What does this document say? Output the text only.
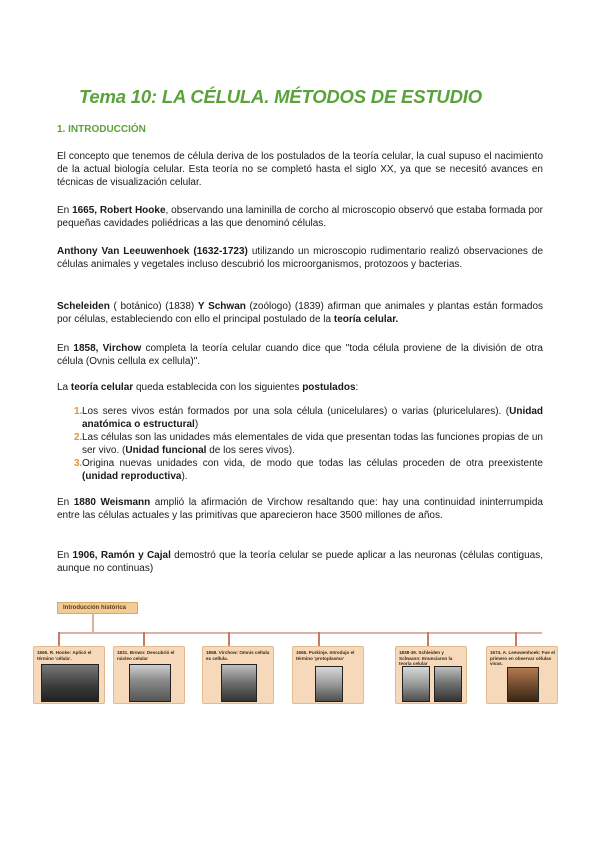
Tema 10: LA CÉLULA. MÉTODOS DE ESTUDIO
1. INTRODUCCIÓN

El concepto que tenemos de célula deriva de los postulados de la teoría celular, la cual supuso el nacimiento de la actual biología celular. Esta teoría no se completó hasta el siglo XX, ya que se necesitó avances en técnicas de visualización celular.

En 1665, Robert Hooke, observando una laminilla de corcho al microscopio observó que estaba formada por pequeñas cavidades poliédricas a las que denominó células.

Anthony Van Leeuwenhoek (1632-1723) utilizando un microscopio rudimentario realizó observaciones de células animales y vegetales incluso descubrió los microorganismos, protozoos y bacterias.

Scheleiden ( botánico) (1838) Y Schwan (zoólogo) (1839) afirman que animales y plantas están formados por células, estableciendo con ello el principal postulado de la teoría celular.

En 1858, Virchow completa la teoría celular cuando dice que "toda célula proviene de la división de otra célula (Ovnis cellula ex cellula)".

La teoría celular queda establecida con los siguientes postulados:

1. Los seres vivos están formados por una sola célula (unicelulares) o varias (pluricelulares). (Unidad anatómica o estructural)
2. Las células son las unidades más elementales de vida que presentan todas las funciones propias de un ser vivo. (Unidad funcional de los seres vivos).
3. Origina nuevas unidades con vida, de modo que todas las células proceden de otra preexistente (unidad reproductiva).

En 1880 Weismann amplió la afirmación de Virchow resaltando que: hay una continuidad ininterrumpida entre las células actuales y las primitivas que aparecieron hace 3500 millones de años.

En 1906, Ramón y Cajal demostró que la teoría celular se puede aplicar a las neuronas (células contiguas, aunque no continuas)

Introducción histórica
1665. R. Hooke: Aplicó el término 'célula'.
1831. Brown: Descubrió el núcleo celular
1858. Virchow: Omnis cellula ex cellula.
1665. Purkinje. Introdujo el término 'protoplasma'
1838-39. Schleiden y Schwann: Enunciaron la teoría celular
1674. A. Leeuwenhoek: Fue el primero en observar células vivas.
